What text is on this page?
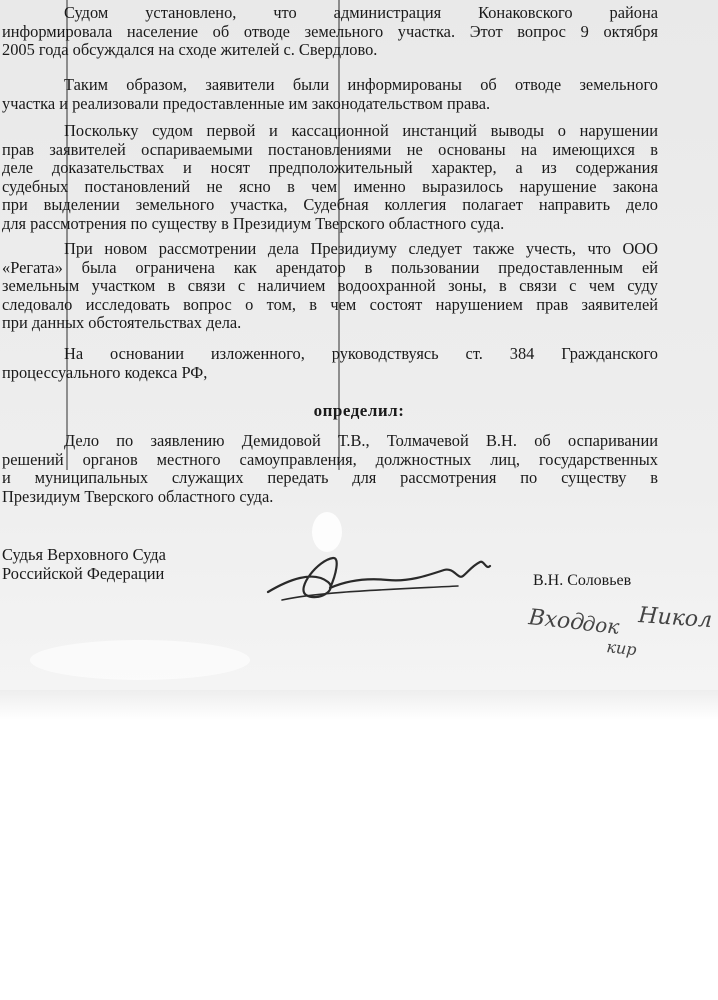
Судом установлено, что администрация Конаковского района
информировала население об отводе земельного участка. Этот вопрос 9 октября
2005 года обсуждался на сходе жителей с. Свердлово.
Таким образом, заявители были информированы об отводе земельного
участка и реализовали предоставленные им законодательством права.
Поскольку судом первой и кассационной инстанций выводы о нарушении
прав заявителей оспариваемыми постановлениями не основаны на имеющихся в
деле доказательствах и носят предположительный характер, а из содержания
судебных постановлений не ясно в чем именно выразилось нарушение закона
при выделении земельного участка, Судебная коллегия полагает направить дело
для рассмотрения по существу в Президиум Тверского областного суда.
При новом рассмотрении дела Президиуму следует также учесть, что ООО
«Регата» была ограничена как арендатор в пользовании предоставленным ей
земельным участком в связи с наличием водоохранной зоны, в связи с чем суду
следовало исследовать вопрос о том, в чем состоят нарушением прав заявителей
при данных обстоятельствах дела.
На основании изложенного, руководствуясь ст. 384 Гражданского
процессуального кодекса РФ,
определил:
Дело по заявлению Демидовой Т.В., Толмачевой В.Н. об оспаривании
решений органов местного самоуправления, должностных лиц, государственных
и муниципальных служащих передать для рассмотрения по существу в
Президиум Тверского областного суда.
Судья Верховного Суда
Российской Федерации	В.Н. Соловьев
Вход
док Никол
кир
